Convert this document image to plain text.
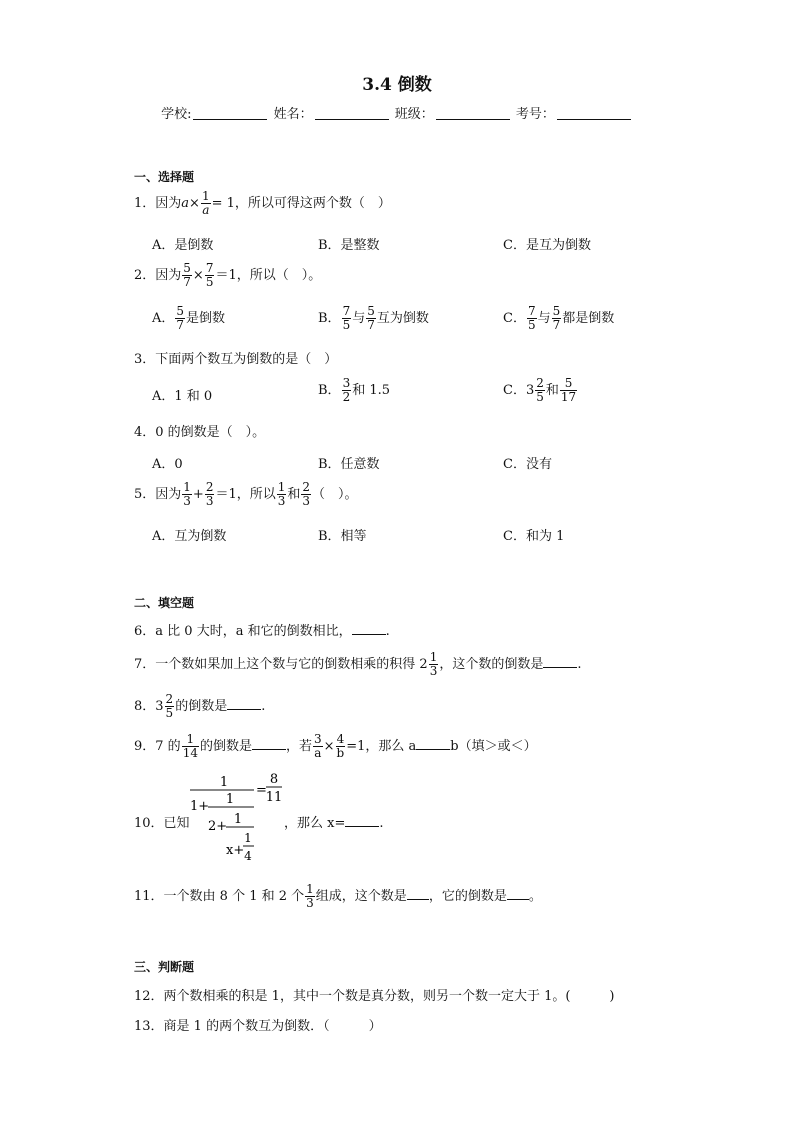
3.4 倒数
学校:	姓名：	班级：	考号：
一、选择题
1．因为$a\times \frac{1}{a} = 1$，所以可得这两个数（　）
A．是倒数	B．是整数	C．是互为倒数
2．因为 $\frac{5}{7} \times \frac{7}{5} =1$，所以（　）。
A． $\frac{5}{7}$ 是倒数	B． $\frac{7}{5}$ 与 $\frac{5}{7}$ 互为倒数	C． $\frac{7}{5}$ 与 $\frac{5}{7}$ 都是倒数
3．下面两个数互为倒数的是（　）
A．1 和 0	B． $\frac{3}{2}$ 和 1.5	C．$3 \frac{2}{5}$ 和 $\frac{5}{17}$
4．0 的倒数是（　）。
A．0	B．任意数	C．没有
5．因为 $\frac{1}{3} + \frac{2}{3} =1$，所以 $\frac{1}{3}$ 和 $\frac{2}{3}$ （　）。
A．互为倒数	B．相等	C．和为 1
二、填空题
6．a 比 0 大时，a 和它的倒数相比，	.
7．一个数如果加上这个数与它的倒数相乘的积得 $2 \frac{1}{3}$ ，这个数的倒数是	.
8．$3 \frac{2}{5}$ 的倒数是	.
9．7 的 $\frac{1}{14}$ 的倒数是	，若 $\frac{3}{a} \times \frac{4}{b} =1$，那么 a	b（填＞或＜）
10．已知
1
1+ 1
2+ 1
x+
1
4
=
8
11
，那么 x=	.
11．一个数由 8 个 1 和 2 个 $\frac{1}{3}$ 组成，这个数是 ，它的倒数是 。
三、判断题
12．两个数相乘的积是 1，其中一个数是真分数，则另一个数一定大于 1。(　　　)
13．商是 1 的两个数互为倒数．（　　　）
